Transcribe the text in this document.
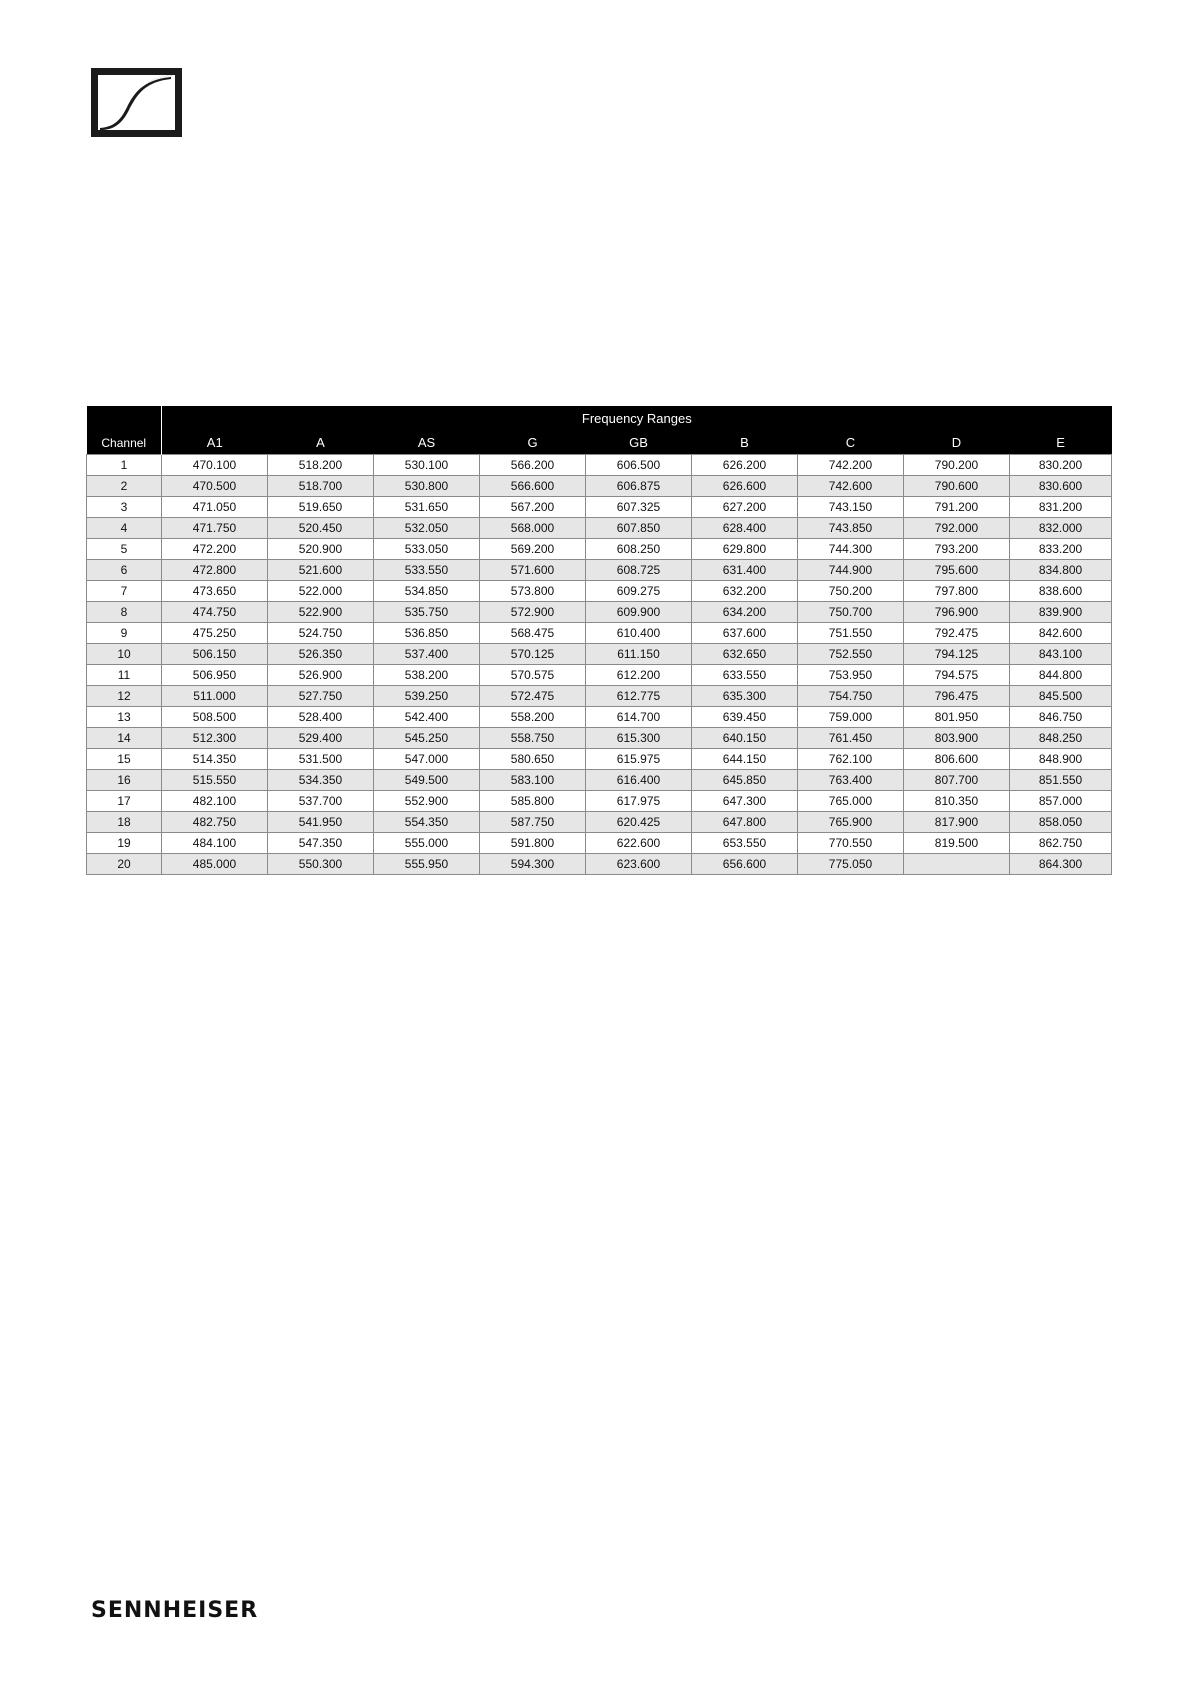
Channel	Frequency Ranges								
	A1	A	AS	G	GB	B	C	D	E
1	470.100	518.200	530.100	566.200	606.500	626.200	742.200	790.200	830.200
2	470.500	518.700	530.800	566.600	606.875	626.600	742.600	790.600	830.600
3	471.050	519.650	531.650	567.200	607.325	627.200	743.150	791.200	831.200
4	471.750	520.450	532.050	568.000	607.850	628.400	743.850	792.000	832.000
5	472.200	520.900	533.050	569.200	608.250	629.800	744.300	793.200	833.200
6	472.800	521.600	533.550	571.600	608.725	631.400	744.900	795.600	834.800
7	473.650	522.000	534.850	573.800	609.275	632.200	750.200	797.800	838.600
8	474.750	522.900	535.750	572.900	609.900	634.200	750.700	796.900	839.900
9	475.250	524.750	536.850	568.475	610.400	637.600	751.550	792.475	842.600
10	506.150	526.350	537.400	570.125	611.150	632.650	752.550	794.125	843.100
11	506.950	526.900	538.200	570.575	612.200	633.550	753.950	794.575	844.800
12	511.000	527.750	539.250	572.475	612.775	635.300	754.750	796.475	845.500
13	508.500	528.400	542.400	558.200	614.700	639.450	759.000	801.950	846.750
14	512.300	529.400	545.250	558.750	615.300	640.150	761.450	803.900	848.250
15	514.350	531.500	547.000	580.650	615.975	644.150	762.100	806.600	848.900
16	515.550	534.350	549.500	583.100	616.400	645.850	763.400	807.700	851.550
17	482.100	537.700	552.900	585.800	617.975	647.300	765.000	810.350	857.000
18	482.750	541.950	554.350	587.750	620.425	647.800	765.900	817.900	858.050
19	484.100	547.350	555.000	591.800	622.600	653.550	770.550	819.500	862.750
20	485.000	550.300	555.950	594.300	623.600	656.600	775.050		864.300
SENNHEISER
